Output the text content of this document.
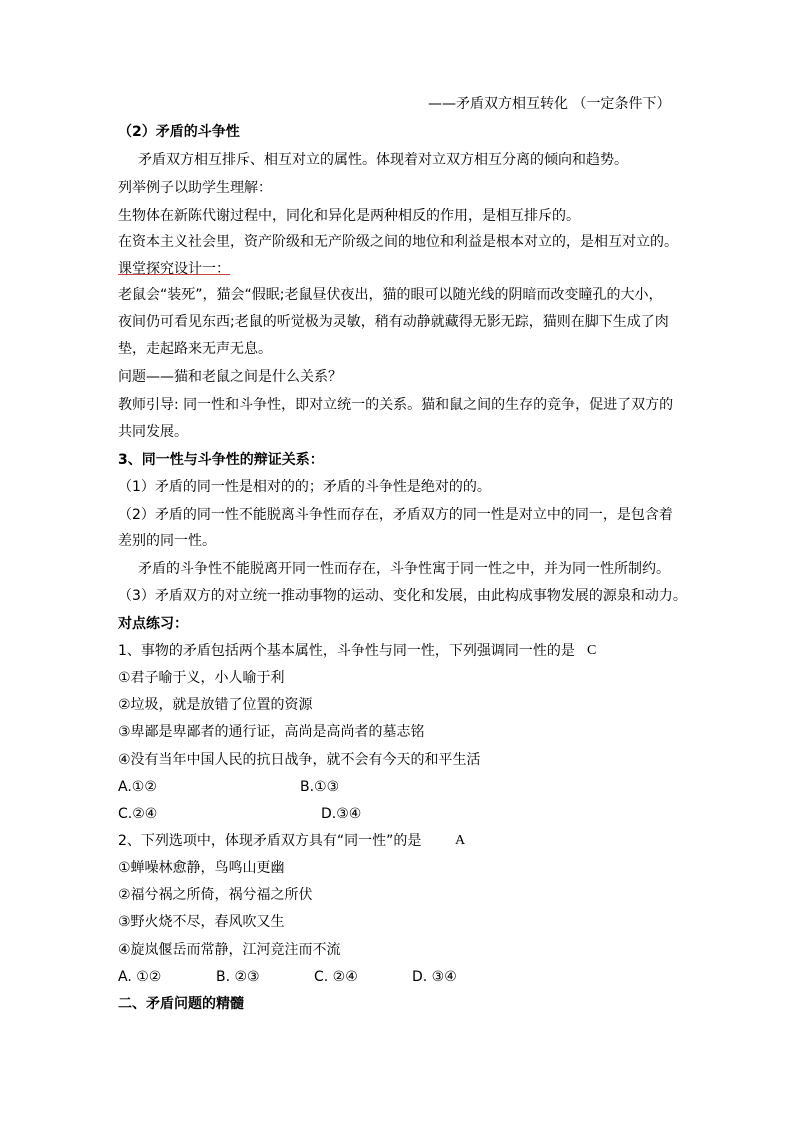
——矛盾双方相互转化 （一定条件下）
（2）矛盾的斗争性
矛盾双方相互排斥、相互对立的属性。体现着对立双方相互分离的倾向和趋势。
列举例子以助学生理解：
生物体在新陈代谢过程中，同化和异化是两种相反的作用，是相互排斥的。
在资本主义社会里，资产阶级和无产阶级之间的地位和利益是根本对立的，是相互对立的。
课堂探究设计一：
老鼠会“装死”，猫会“假眠;老鼠昼伏夜出，猫的眼可以随光线的阴暗而改变瞳孔的大小，
夜间仍可看见东西;老鼠的听觉极为灵敏，稍有动静就藏得无影无踪，猫则在脚下生成了肉
垫，走起路来无声无息。
问题——猫和老鼠之间是什么关系？
教师引导: 同一性和斗争性，即对立统一的关系。猫和鼠之间的生存的竞争，促进了双方的
共同发展。
3、同一性与斗争性的辩证关系：
（1）矛盾的同一性是相对的的；矛盾的斗争性是绝对的的。
（2）矛盾的同一性不能脱离斗争性而存在，矛盾双方的同一性是对立中的同一，是包含着
差别的同一性。
矛盾的斗争性不能脱离开同一性而存在，斗争性寓于同一性之中，并为同一性所制约。
（3）矛盾双方的对立统一推动事物的运动、变化和发展，由此构成事物发展的源泉和动力。
对点练习：
1、事物的矛盾包括两个基本属性，斗争性与同一性，下列强调同一性的是 C
①君子喻于义，小人喻于利
②垃圾，就是放错了位置的资源
③卑鄙是卑鄙者的通行证，高尚是高尚者的墓志铭
④没有当年中国人民的抗日战争，就不会有今天的和平生活
A.①②	B.①③
C.②④	D.③④
2、下列选项中，体现矛盾双方具有“同一性”的是 A
①蝉噪林愈静，鸟鸣山更幽
②福兮祸之所倚，祸兮福之所伏
③野火烧不尽，春风吹又生
④旋岚偃岳而常静，江河竞注而不流
A. ①②	B. ②③	C. ②④	D. ③④
二、矛盾问题的精髓
